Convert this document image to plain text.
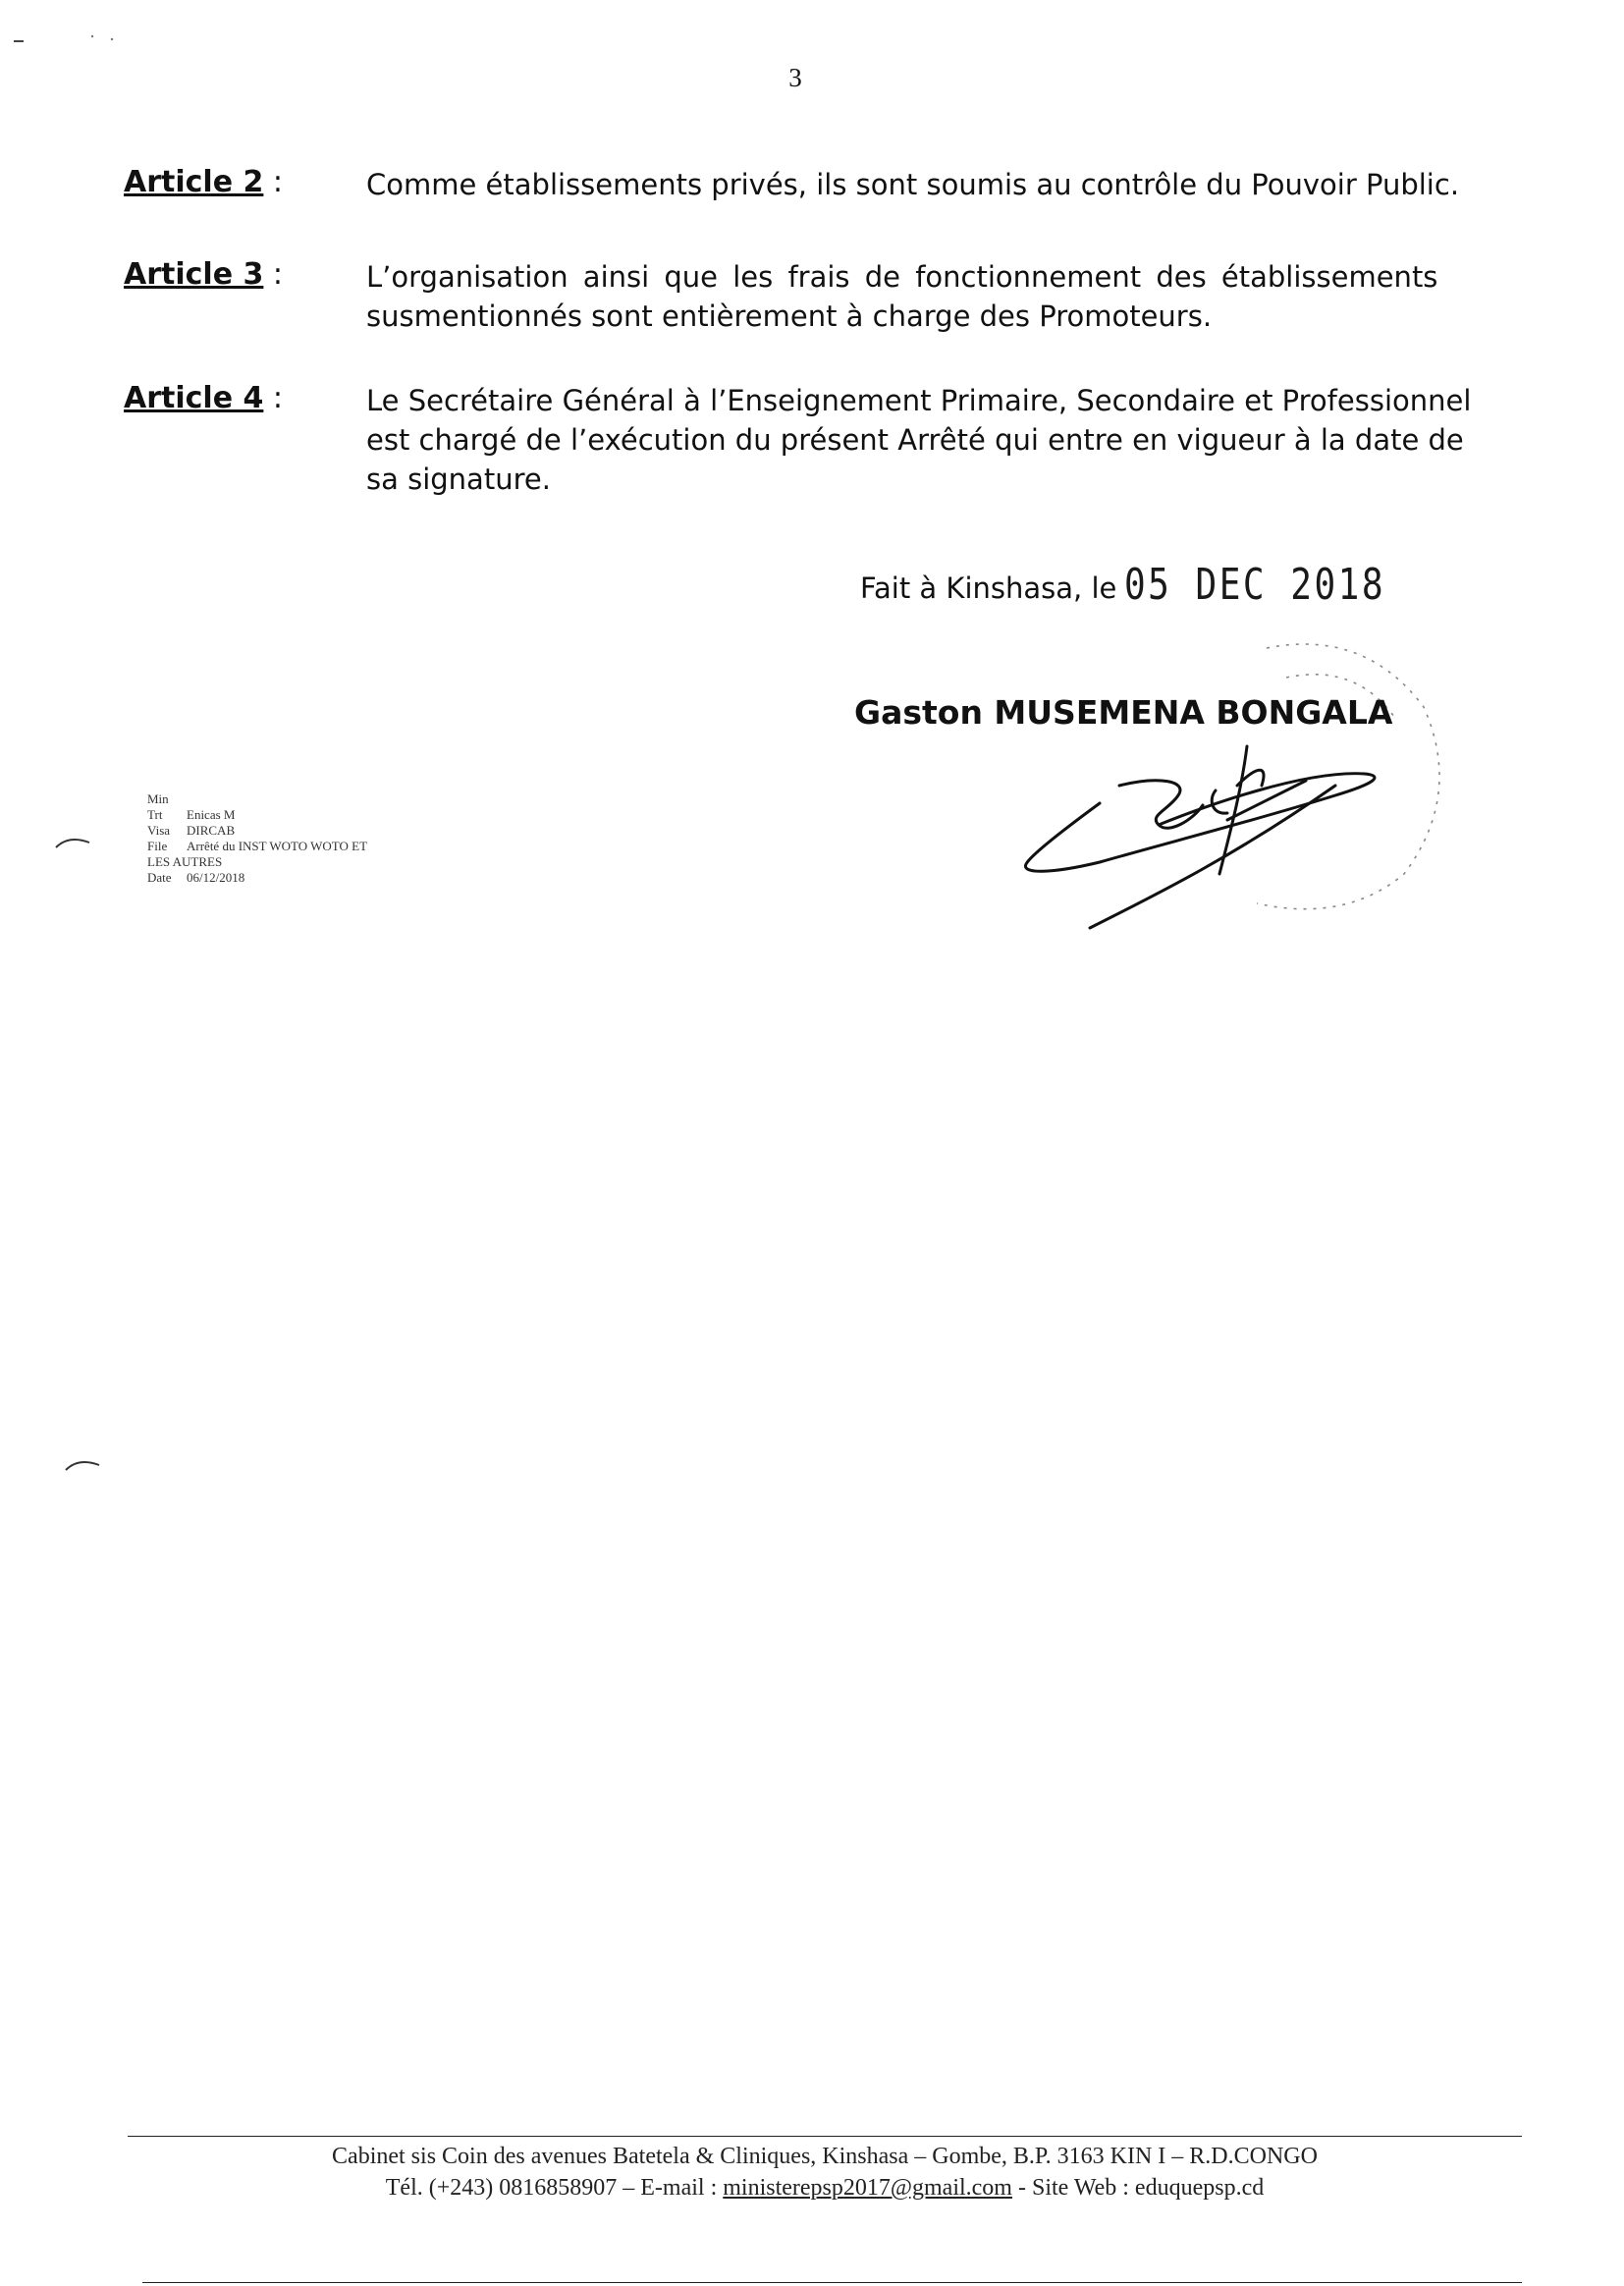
3
Article 2 :	Comme établissements privés, ils sont soumis au contrôle du Pouvoir Public.
Article 3 :	L’organisation ainsi que les frais de fonctionnement des établissements
susmentionnés sont entièrement à charge des Promoteurs.
Article 4 :	Le Secrétaire Général à l’Enseignement Primaire, Secondaire et Professionnel
est chargé de l’exécution du présent Arrêté qui entre en vigueur à la date de
sa signature.
Fait à Kinshasa, le 05 DEC 2018
Gaston MUSEMENA BONGALA
Min
Trt Enicas M
Visa DIRCAB
File Arrêté du INST WOTO WOTO ET
LES AUTRES
Date 06/12/2018
Cabinet sis Coin des avenues Batetela & Cliniques, Kinshasa – Gombe, B.P. 3163 KIN I – R.D.CONGO
Tél. (+243) 0816858907 – E-mail : ministerepsp2017@gmail.com - Site Web : eduquepsp.cd
